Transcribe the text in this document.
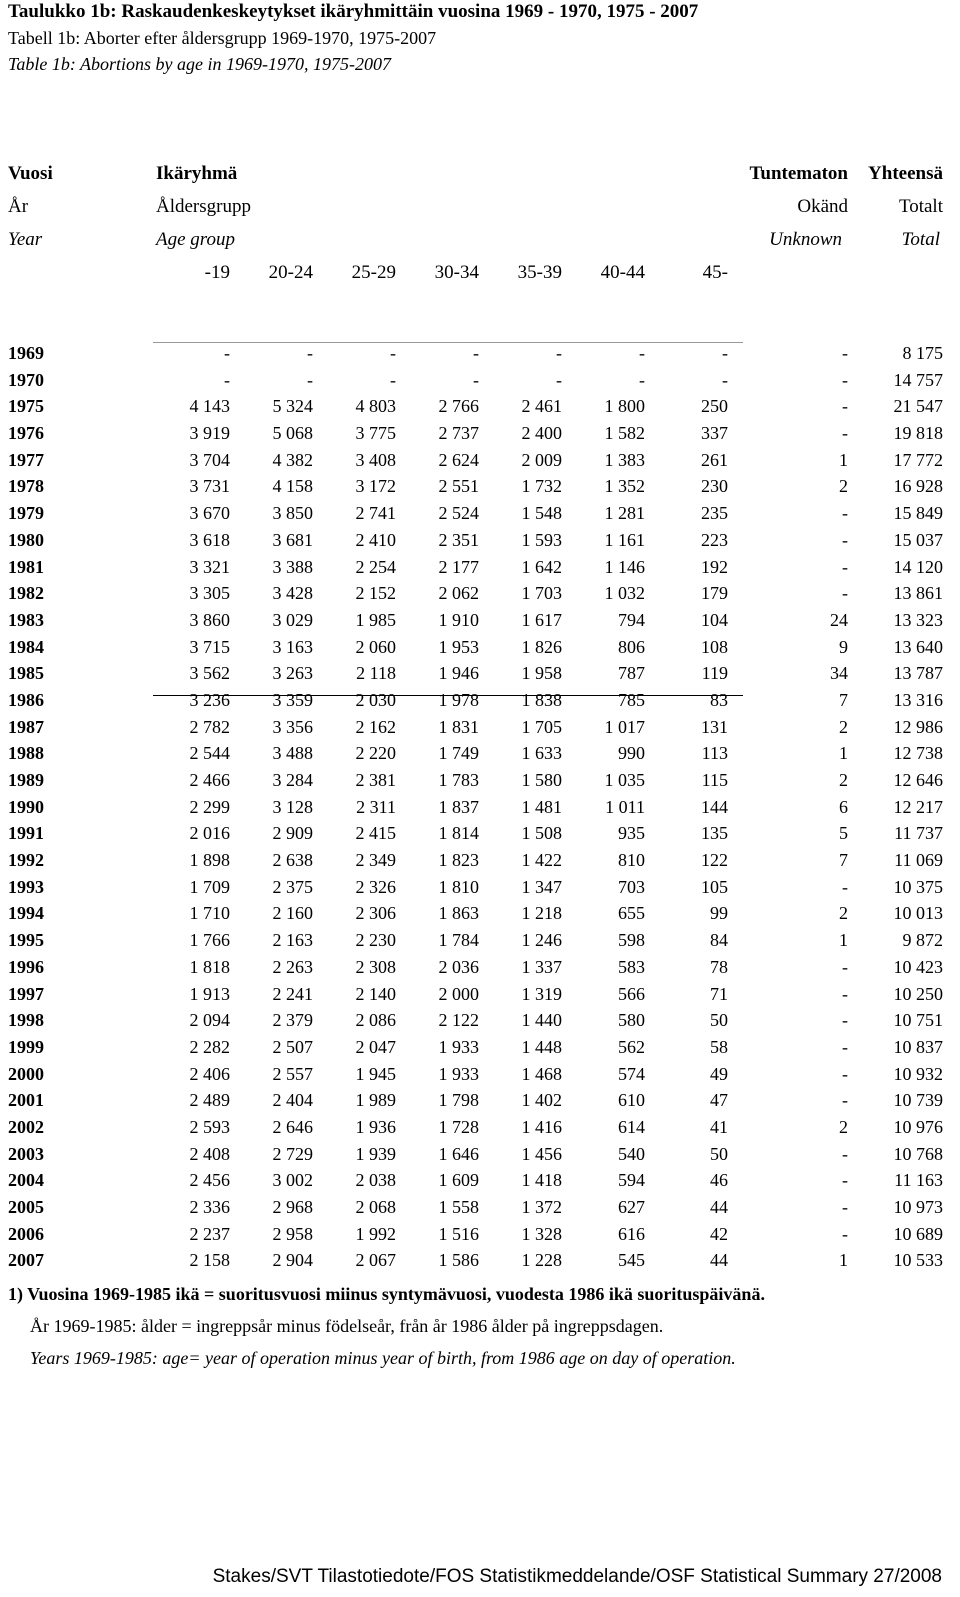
Taulukko 1b: Raskaudenkeskeytykset ikäryhmittäin vuosina 1969 - 1970, 1975 - 2007
Tabell 1b: Aborter efter åldersgrupp 1969-1970, 1975-2007
Table 1b: Abortions by age in 1969-1970, 1975-2007
Vuosi	Ikäryhmä	Tuntematon	Yhteensä
År	Åldersgrupp	Okänd	Totalt
Year	Age group	Unknown	Total
-19	20-24	25-29	30-34	35-39	40-44	45-
1969	-	-	-	-	-	-	-	-	8 175
1970	-	-	-	-	-	-	-	-	14 757
1975	4 143	5 324	4 803	2 766	2 461	1 800	250	-	21 547
1976	3 919	5 068	3 775	2 737	2 400	1 582	337	-	19 818
1977	3 704	4 382	3 408	2 624	2 009	1 383	261	1	17 772
1978	3 731	4 158	3 172	2 551	1 732	1 352	230	2	16 928
1979	3 670	3 850	2 741	2 524	1 548	1 281	235	-	15 849
1980	3 618	3 681	2 410	2 351	1 593	1 161	223	-	15 037
1981	3 321	3 388	2 254	2 177	1 642	1 146	192	-	14 120
1982	3 305	3 428	2 152	2 062	1 703	1 032	179	-	13 861
1983	3 860	3 029	1 985	1 910	1 617	794	104	24	13 323
1984	3 715	3 163	2 060	1 953	1 826	806	108	9	13 640
1985	3 562	3 263	2 118	1 946	1 958	787	119	34	13 787
1986	3 236	3 359	2 030	1 978	1 838	785	83	7	13 316
1987	2 782	3 356	2 162	1 831	1 705	1 017	131	2	12 986
1988	2 544	3 488	2 220	1 749	1 633	990	113	1	12 738
1989	2 466	3 284	2 381	1 783	1 580	1 035	115	2	12 646
1990	2 299	3 128	2 311	1 837	1 481	1 011	144	6	12 217
1991	2 016	2 909	2 415	1 814	1 508	935	135	5	11 737
1992	1 898	2 638	2 349	1 823	1 422	810	122	7	11 069
1993	1 709	2 375	2 326	1 810	1 347	703	105	-	10 375
1994	1 710	2 160	2 306	1 863	1 218	655	99	2	10 013
1995	1 766	2 163	2 230	1 784	1 246	598	84	1	9 872
1996	1 818	2 263	2 308	2 036	1 337	583	78	-	10 423
1997	1 913	2 241	2 140	2 000	1 319	566	71	-	10 250
1998	2 094	2 379	2 086	2 122	1 440	580	50	-	10 751
1999	2 282	2 507	2 047	1 933	1 448	562	58	-	10 837
2000	2 406	2 557	1 945	1 933	1 468	574	49	-	10 932
2001	2 489	2 404	1 989	1 798	1 402	610	47	-	10 739
2002	2 593	2 646	1 936	1 728	1 416	614	41	2	10 976
2003	2 408	2 729	1 939	1 646	1 456	540	50	-	10 768
2004	2 456	3 002	2 038	1 609	1 418	594	46	-	11 163
2005	2 336	2 968	2 068	1 558	1 372	627	44	-	10 973
2006	2 237	2 958	1 992	1 516	1 328	616	42	-	10 689
2007	2 158	2 904	2 067	1 586	1 228	545	44	1	10 533
1) Vuosina 1969-1985 ikä = suoritusvuosi miinus syntymävuosi, vuodesta 1986 ikä suorituspäivänä.
År 1969-1985: ålder = ingreppsår minus födelseår, från år 1986 ålder på ingreppsdagen.
Years 1969-1985: age= year of operation minus year of birth, from 1986 age on day of operation.
Stakes/SVT Tilastotiedote/FOS Statistikmeddelande/OSF Statistical Summary 27/2008
